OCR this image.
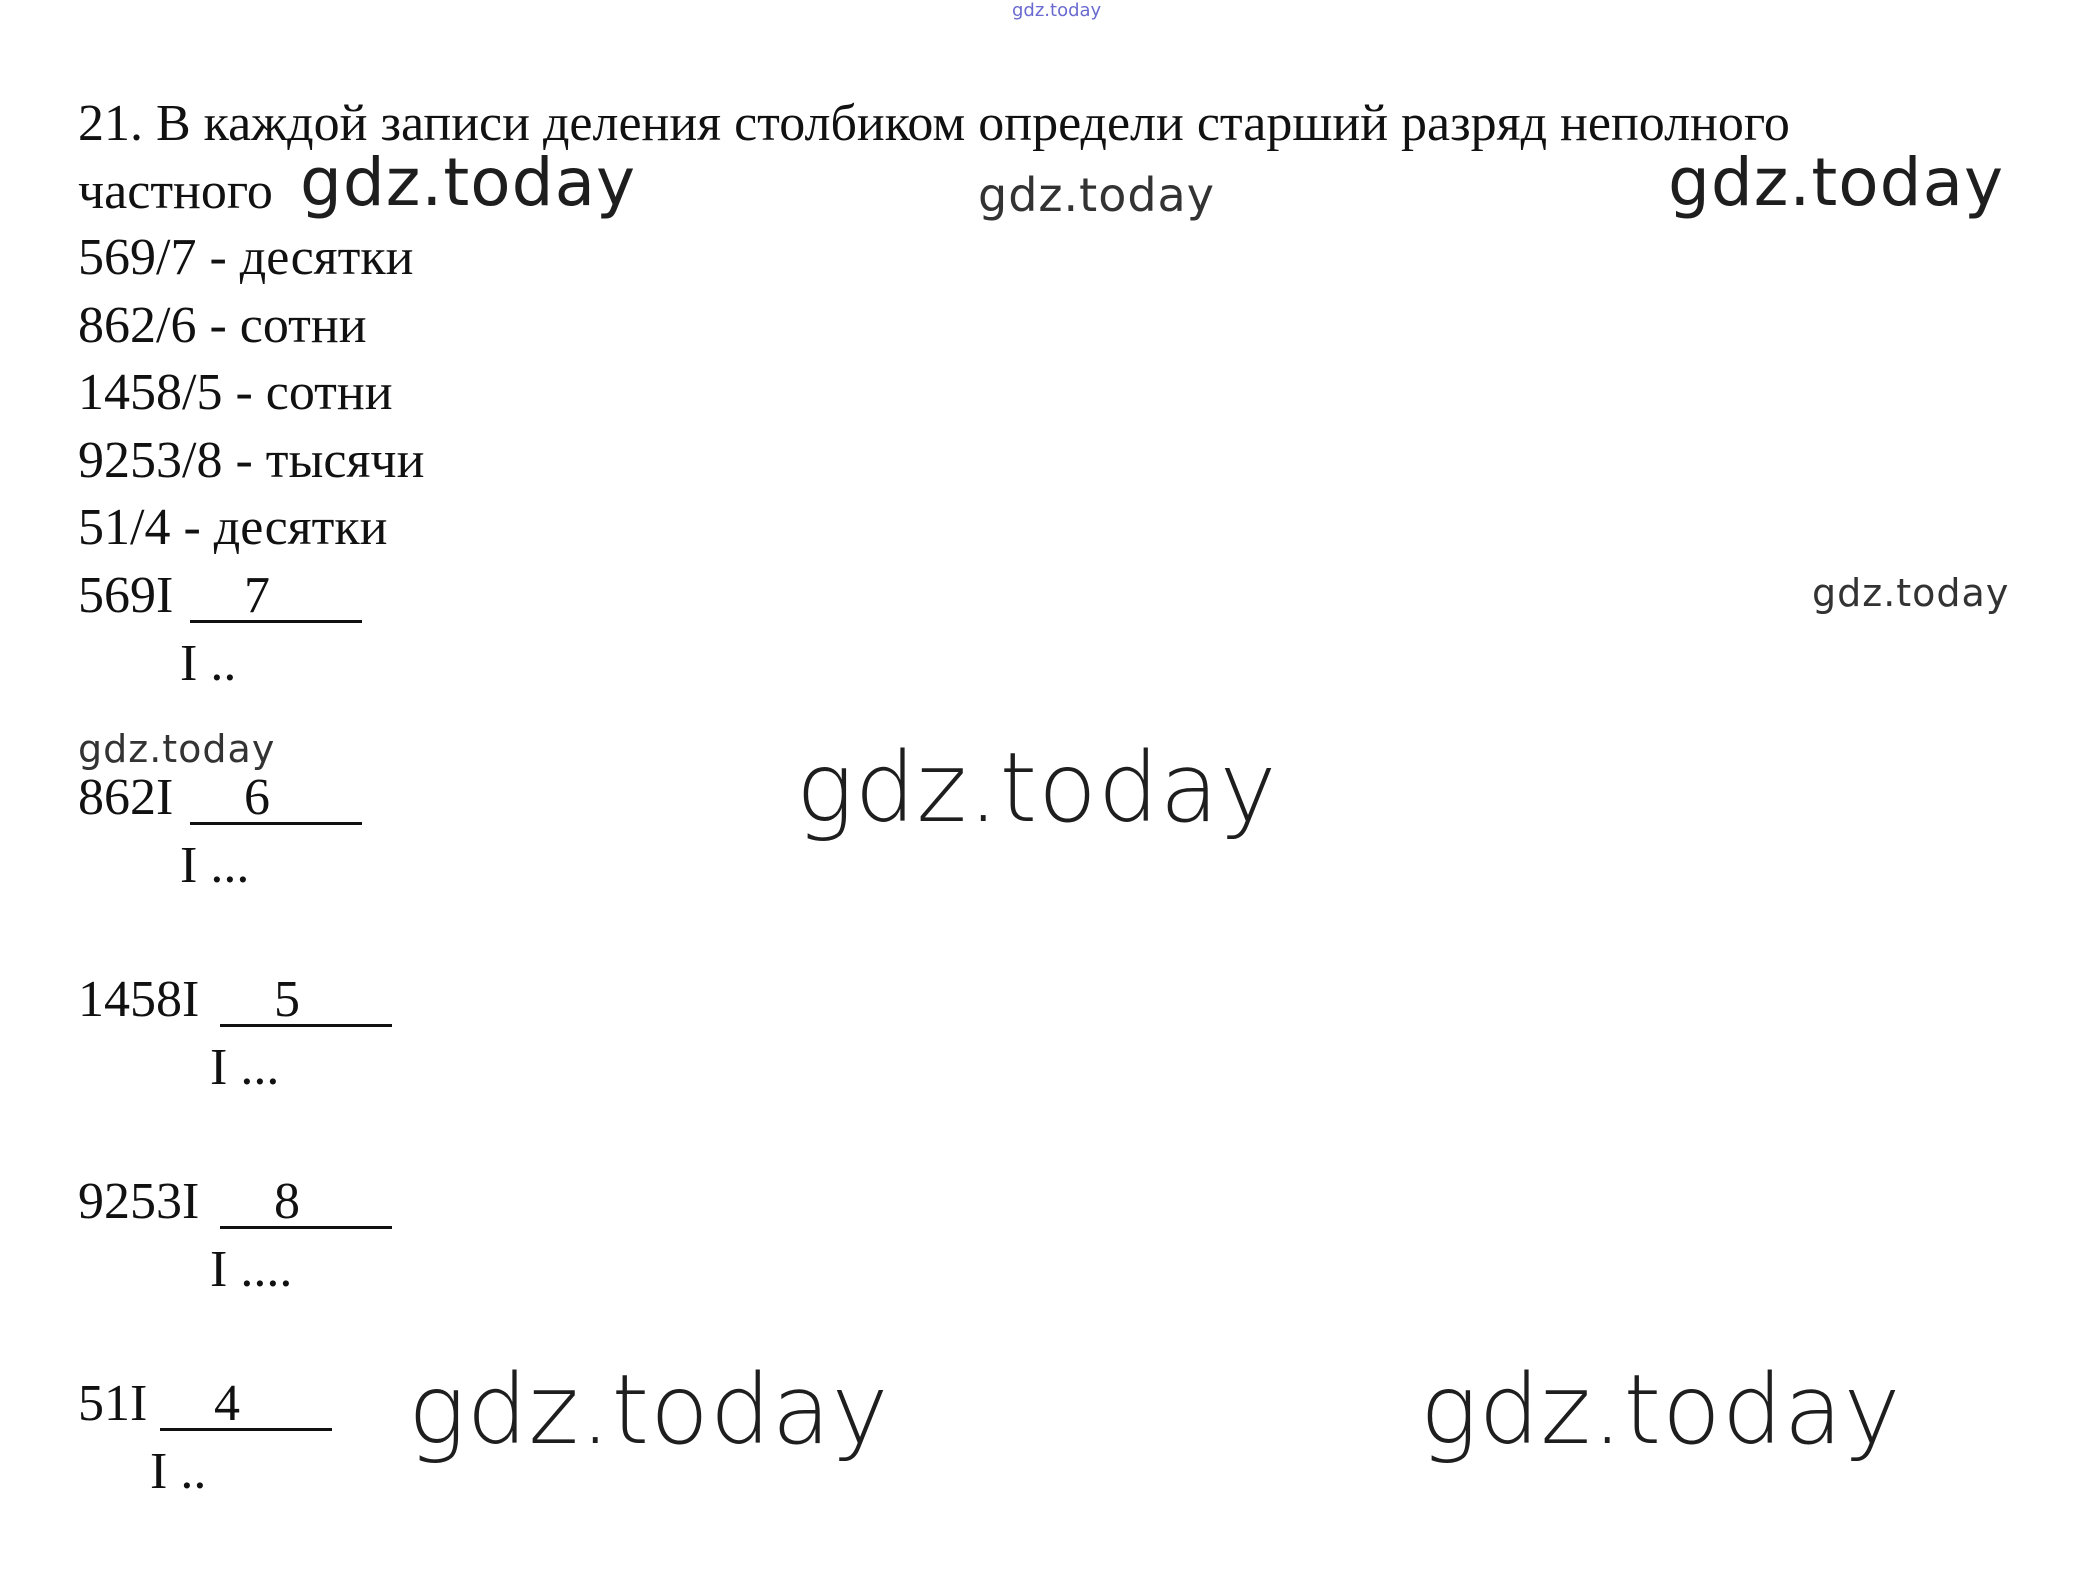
gdz.today
21. В каждой записи деления столбиком определи старший разряд неполного
частного gdz.today	gdz.today	gdz.today
569/7 - десятки
862/6 - сотни
1458/5 - сотни
9253/8 - тысячи
51/4 - десятки
gdz.today
569I 7
I ..
gdz.today	gdz.today
862I 6
I ...
1458I 5
I ...
9253I 8
I ....
51I 4
I ..
gdz.today	gdz.today
